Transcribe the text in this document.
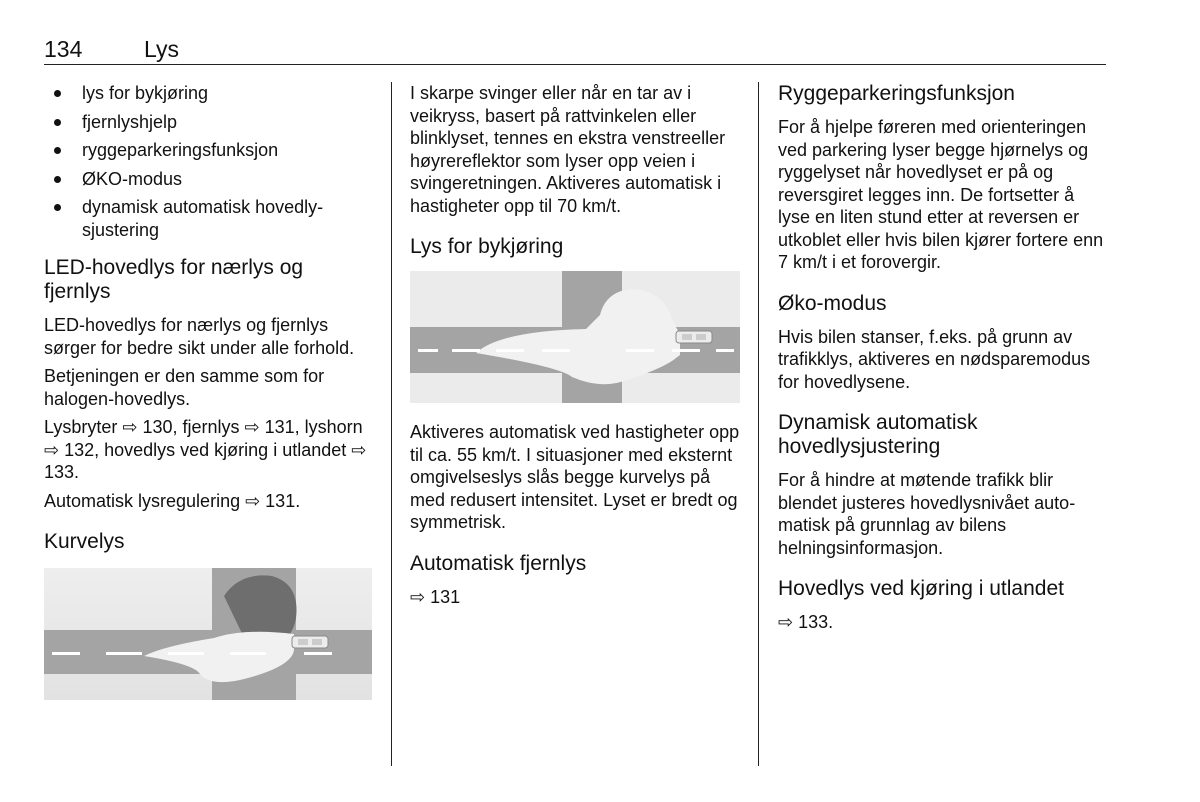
134	Lys
lys for bykjøring
fjernlyshjelp
ryggeparkeringsfunksjon
ØKO-modus
dynamisk automatisk hovedlysjustering
LED-hovedlys for nærlys og fjernlys

LED-hovedlys for nærlys og fjernlys sørger for bedre sikt under alle forhold.

Betjeningen er den samme som for halogen-hovedlys.

Lysbryter ⇨ 130, fjernlys ⇨ 131, lyshorn ⇨ 132, hovedlys ved kjøring i utlandet ⇨ 133.

Automatisk lysregulering ⇨ 131.

Kurvelys

I skarpe svinger eller når en tar av i veikryss, basert på rattvinkelen eller blinklyset, tennes en ekstra venstreeller høyrereflektor som lyser opp veien i svingeretningen. Aktiveres automatisk i hastigheter opp til 70 km/t.

Lys for bykjøring

Aktiveres automatisk ved hastigheter opp til ca. 55 km/t. I situasjoner med eksternt omgivelseslys slås begge kurvelys på med redusert intensitet. Lyset er bredt og symmetrisk.

Automatisk fjernlys

⇨ 131

Ryggeparkeringsfunksjon

For å hjelpe føreren med orienteringen ved parkering lyser begge hjørnelys og ryggelyset når hovedlyset er på og reversgiret legges inn. De fortsetter å lyse en liten stund etter at reversen er utkoblet eller hvis bilen kjører fortere enn 7 km/t i et forovergir.

Øko-modus

Hvis bilen stanser, f.eks. på grunn av trafikklys, aktiveres en nødsparemodus for hovedlysene.

Dynamisk automatisk hovedlysjustering

For å hindre at møtende trafikk blir blendet justeres hovedlysnivået automatisk på grunnlag av bilens helningsinformasjon.

Hovedlys ved kjøring i utlandet

⇨ 133.
